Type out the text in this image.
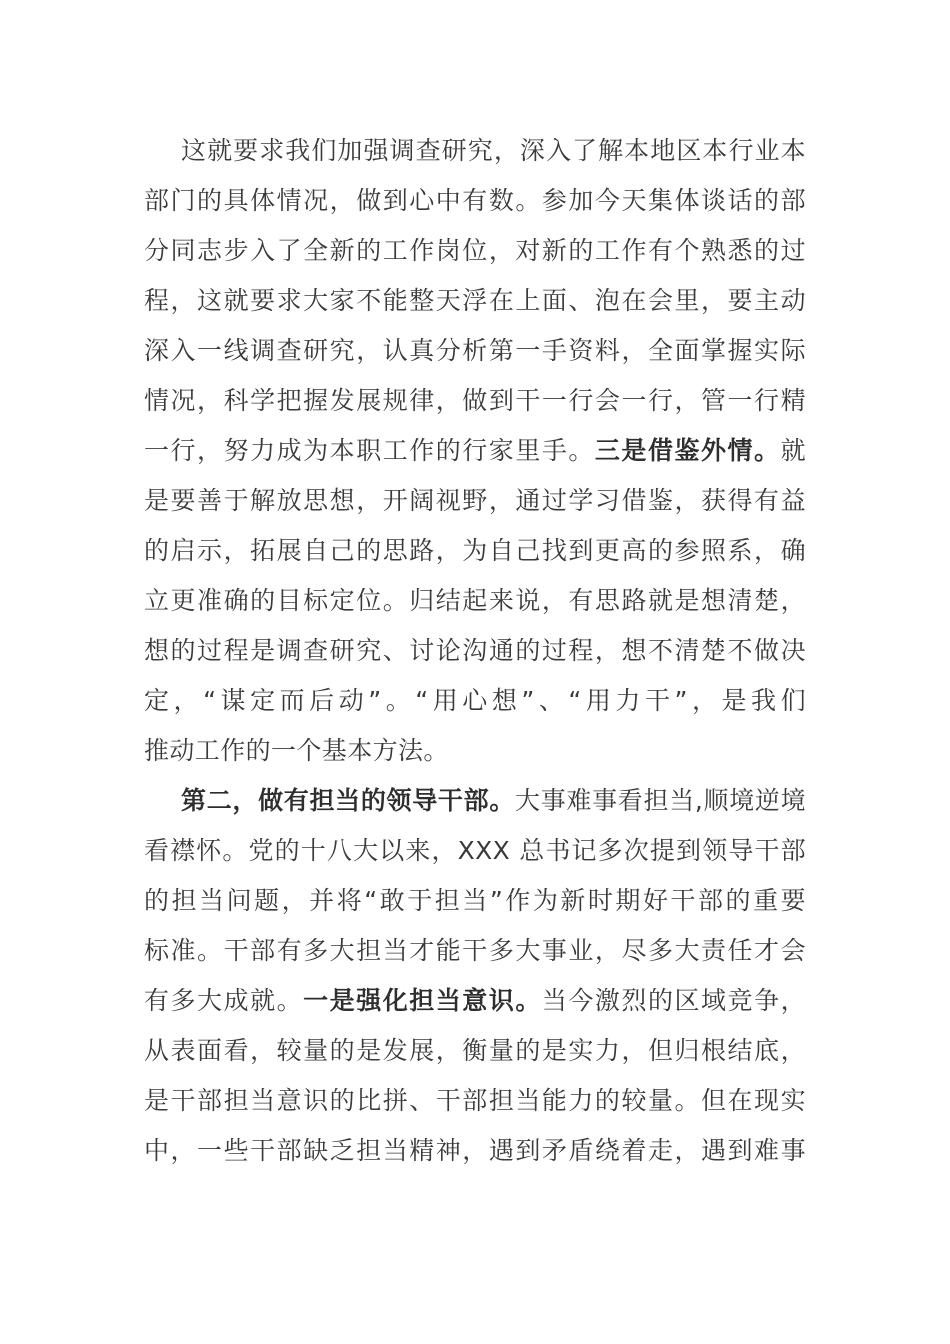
这就要求我们加强调查研究，深入了解本地区本行业本
部门的具体情况，做到心中有数。参加今天集体谈话的部
分同志步入了全新的工作岗位，对新的工作有个熟悉的过
程，这就要求大家不能整天浮在上面、泡在会里，要主动
深入一线调查研究，认真分析第一手资料，全面掌握实际
情况，科学把握发展规律，做到干一行会一行，管一行精
一行，努力成为本职工作的行家里手。三是借鉴外情。就
是要善于解放思想，开阔视野，通过学习借鉴，获得有益
的启示，拓展自己的思路，为自己找到更高的参照系，确
立更准确的目标定位。归结起来说，有思路就是想清楚，
想的过程是调查研究、讨论沟通的过程，想不清楚不做决
定，“谋定而后动”。“用心想”、“用力干”，是我们
推动工作的一个基本方法。
第二，做有担当的领导干部。大事难事看担当,顺境逆境
看襟怀。党的十八大以来，XXX 总书记多次提到领导干部
的担当问题，并将“敢于担当”作为新时期好干部的重要
标准。干部有多大担当才能干多大事业，尽多大责任才会
有多大成就。一是强化担当意识。当今激烈的区域竞争，
从表面看，较量的是发展，衡量的是实力，但归根结底，
是干部担当意识的比拼、干部担当能力的较量。但在现实
中，一些干部缺乏担当精神，遇到矛盾绕着走，遇到难事
